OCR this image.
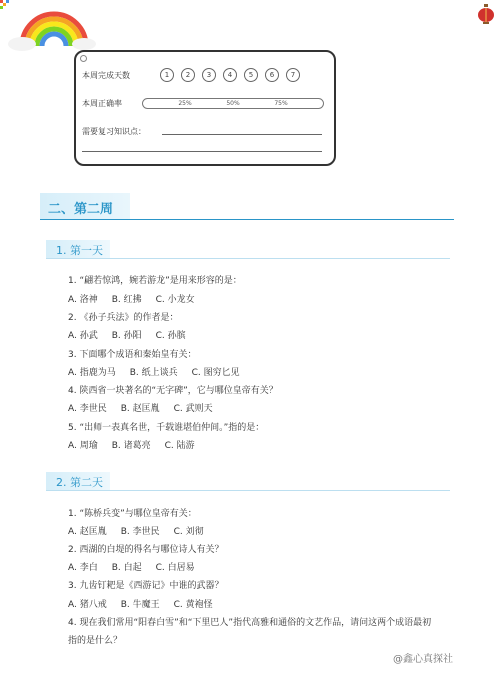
本周完成天数	1	2	3	4	5	6	7
本周正确率	25%	50%	75%
需要复习知识点：
二、第二周
1. 第一天
1. “翩若惊鸿，婉若游龙”是用来形容的是：
A. 洛神 B. 红拂 C. 小龙女
2. 《孙子兵法》的作者是：
A. 孙武 B. 孙阳 C. 孙膑
3. 下面哪个成语和秦始皇有关：
A. 指鹿为马 B. 纸上谈兵 C. 图穷匕见
4. 陕西省一块著名的“无字碑”，它与哪位皇帝有关？
A. 李世民 B. 赵匡胤 C. 武则天
5. “出师一表真名世，千载谁堪伯仲间。”指的是：
A. 周瑜 B. 诸葛亮 C. 陆游
2. 第二天
1. “陈桥兵变”与哪位皇帝有关：
A. 赵匡胤 B. 李世民 C. 刘彻
2. 西湖的白堤的得名与哪位诗人有关？
A. 李白 B. 白起 C. 白居易
3. 九齿钉耙是《西游记》中谁的武器？
A. 猪八戒 B. 牛魔王 C. 黄袍怪
4. 现在我们常用“阳春白雪”和“下里巴人”指代高雅和通俗的文艺作品，请问这两个成语最初
指的是什么？
@鑫心真探社
